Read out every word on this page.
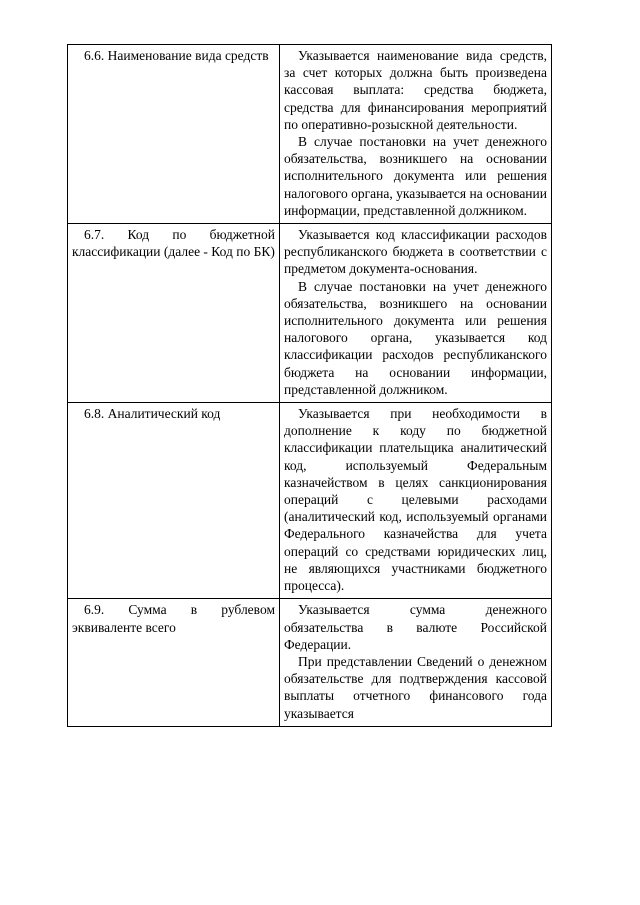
6.6. Наименование вида средств	Указывается наименование вида средств, за счет которых должна быть произведена кассовая выплата: средства бюджета, средства для финансирования мероприятий по оперативно-розыскной деятельности.

В случае постановки на учет денежного обязательства, возникшего на основании исполнительного документа или решения налогового органа, указывается на основании информации, представленной должником.

6.7. Код по бюджетной классификации (далее - Код по БК)	Указывается код классификации расходов республиканского бюджета в соответствии с предметом документа-основания.

В случае постановки на учет денежного обязательства, возникшего на основании исполнительного документа или решения налогового органа, указывается код классификации расходов республиканского бюджета на основании информации, представленной должником.

6.8. Аналитический код	Указывается при необходимости в дополнение к коду по бюджетной классификации плательщика аналитический код, используемый Федеральным казначейством в целях санкционирования операций с целевыми расходами (аналитический код, используемый органами Федерального казначейства для учета операций со средствами юридических лиц, не являющихся участниками бюджетного процесса).

6.9. Сумма в рублевом эквиваленте всего	Указывается сумма денежного обязательства в валюте Российской Федерации.

При представлении Сведений о денежном обязательстве для подтверждения кассовой выплаты отчетного финансового года указывается
